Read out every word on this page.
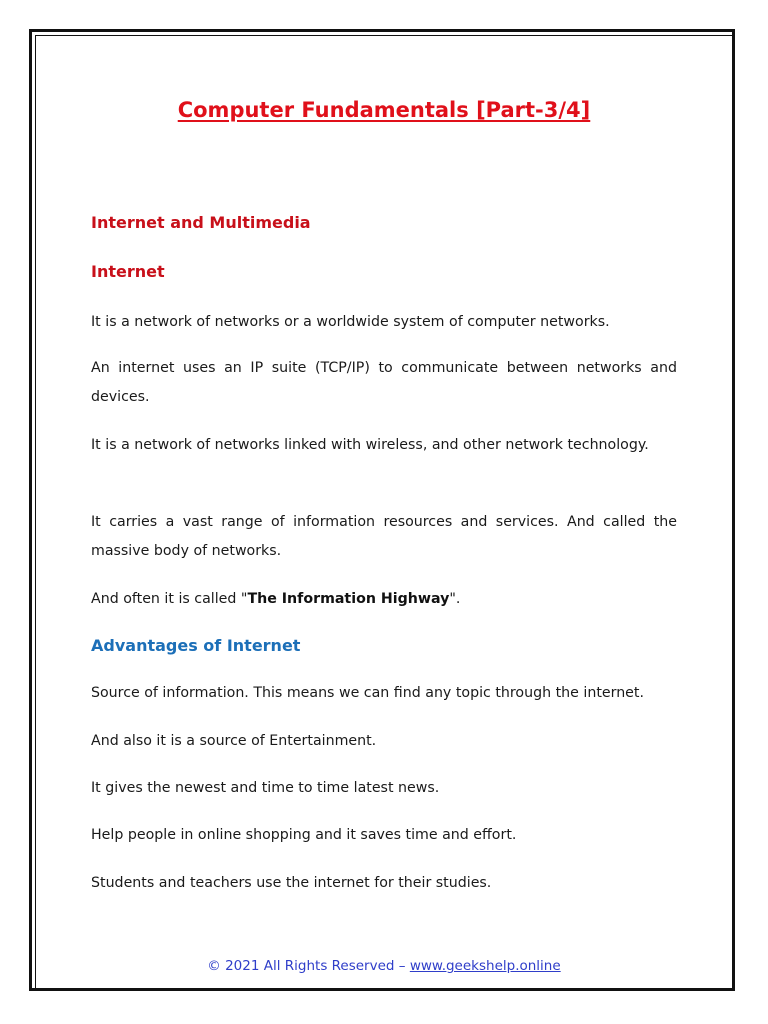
Computer Fundamentals [Part-3/4]
Internet and Multimedia
Internet
It is a network of networks or a worldwide system of computer networks.
An internet uses an IP suite (TCP/IP) to communicate between networks and devices.
It is a network of networks linked with wireless, and other network technology.
It carries a vast range of information resources and services. And called the massive body of networks.
And often it is called "The Information Highway".
Advantages of Internet
Source of information. This means we can find any topic through the internet.
And also it is a source of Entertainment.
It gives the newest and time to time latest news.
Help people in online shopping and it saves time and effort.
Students and teachers use the internet for their studies.
© 2021 All Rights Reserved – www.geekshelp.online
